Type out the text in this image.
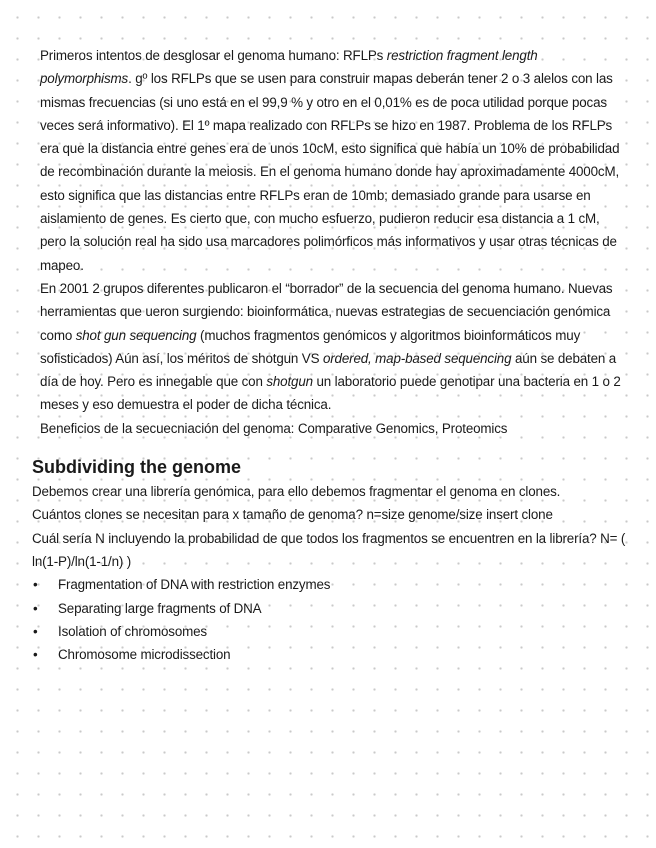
Primeros intentos de desglosar el genoma humano: RFLPs restriction fragment length polymorphisms. gº los RFLPs que se usen para construir mapas deberán tener 2 o 3 alelos con las mismas frecuencias (si uno está en el 99,9 % y otro en el 0,01% es de poca utilidad porque pocas veces será informativo). El 1º mapa realizado con RFLPs se hizo en 1987. Problema de los RFLPs era que la distancia entre genes era de unos 10cM, esto significa que había un 10% de probabilidad de recombinación durante la meiosis. En el genoma humano donde hay aproximadamente 4000cM, esto significa que las distancias entre RFLPs eran de 10mb; demasiado grande para usarse en aislamiento de genes. Es cierto que, con mucho esfuerzo, pudieron reducir esa distancia a 1 cM, pero la solución real ha sido usa marcadores polimórficos más informativos y usar otras técnicas de mapeo.

En 2001 2 grupos diferentes publicaron el “borrador” de la secuencia del genoma humano. Nuevas herramientas que ueron surgiendo: bioinformática, nuevas estrategias de secuenciación genómica como shot gun sequencing (muchos fragmentos genómicos y algoritmos bioinformáticos muy sofisticados) Aún así, los méritos de shotgun VS ordered, map-based sequencing aún se debaten a día de hoy. Pero es innegable que con shotgun un laboratorio puede genotipar una bacteria en 1 o 2 meses y eso demuestra el poder de dicha técnica.

Beneficios de la secuecniación del genoma: Comparative Genomics, Proteomics

Subdividing the genome

Debemos crear una librería genómica, para ello debemos fragmentar el genoma en clones.

Cuántos clones se necesitan para x tamaño de genoma? n=size genome/size insert clone

Cuál sería N incluyendo la probabilidad de que todos los fragmentos se encuentren en la librería? N= ( ln(1-P)/ln(1-1/n) )

• Fragmentation of DNA with restriction enzymes
• Separating large fragments of DNA
• Isolation of chromosomes
• Chromosome microdissection
